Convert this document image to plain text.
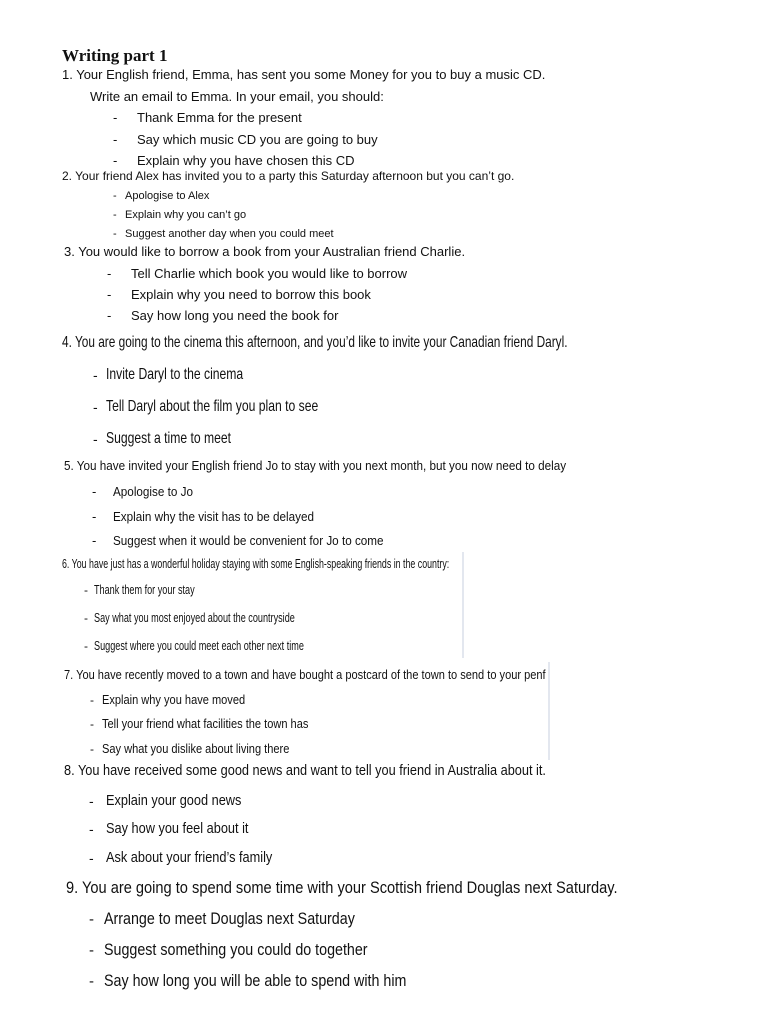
Writing part 1
1. Your English friend, Emma, has sent you some Money for you to buy a music CD.
Write an email to Emma. In your email, you should:
- Thank Emma for the present
- Say which music CD you are going to buy
- Explain why you have chosen this CD
2. Your friend Alex has invited you to a party this Saturday afternoon but you can’t go.
- Apologise to Alex
- Explain why you can’t go
- Suggest another day when you could meet
3. You would like to borrow a book from your Australian friend Charlie.
- Tell Charlie which book you would like to borrow
- Explain why you need to borrow this book
- Say how long you need the book for
4. You are going to the cinema this afternoon, and you’d like to invite your Canadian friend Daryl.
- Invite Daryl to the cinema
- Tell Daryl about the film you plan to see
- Suggest a time to meet
5. You have invited your English friend Jo to stay with you next month, but you now need to delay
- Apologise to Jo
- Explain why the visit has to be delayed
- Suggest when it would be convenient for Jo to come
6. You have just has a wonderful holiday staying with some English-speaking friends in the country:
- Thank them for your stay
- Say what you most enjoyed about the countryside
- Suggest where you could meet each other next time
7. You have recently moved to a town and have bought a postcard of the town to send to your penf
- Explain why you have moved
- Tell your friend what facilities the town has
- Say what you dislike about living there
8. You have received some good news and want to tell you friend in Australia about it.
- Explain your good news
- Say how you feel about it
- Ask about your friend’s family
9. You are going to spend some time with your Scottish friend Douglas next Saturday.
- Arrange to meet Douglas next Saturday
- Suggest something you could do together
- Say how long you will be able to spend with him
